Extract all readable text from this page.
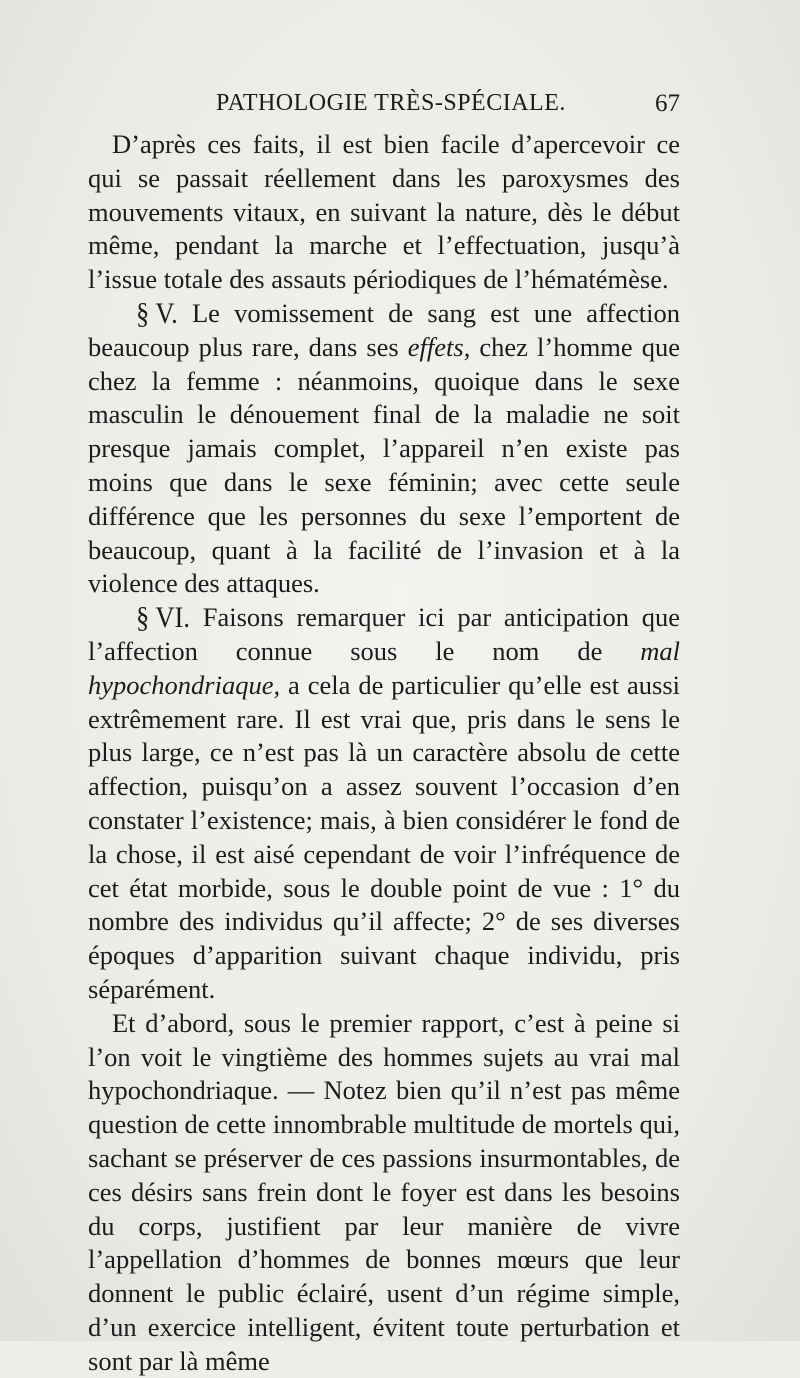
PATHOLOGIE TRÈS-SPÉCIALE.	67

D’après ces faits, il est bien facile d’apercevoir ce qui se passait réellement dans les paroxysmes des mouvements vitaux, en suivant la nature, dès le début même, pendant la marche et l’effectuation, jusqu’à l’issue totale des assauts périodiques de l’hématémèse.

§ V. Le vomissement de sang est une affection beaucoup plus rare, dans ses effets, chez l’homme que chez la femme : néanmoins, quoique dans le sexe masculin le dénouement final de la maladie ne soit presque jamais complet, l’appareil n’en existe pas moins que dans le sexe féminin; avec cette seule différence que les personnes du sexe l’emportent de beaucoup, quant à la facilité de l’invasion et à la violence des attaques.

§ VI. Faisons remarquer ici par anticipation que l’affection connue sous le nom de mal hypochondriaque, a cela de particulier qu’elle est aussi extrêmement rare. Il est vrai que, pris dans le sens le plus large, ce n’est pas là un caractère absolu de cette affection, puisqu’on a assez souvent l’occasion d’en constater l’existence; mais, à bien considérer le fond de la chose, il est aisé cependant de voir l’infréquence de cet état morbide, sous le double point de vue : 1° du nombre des individus qu’il affecte; 2° de ses diverses époques d’apparition suivant chaque individu, pris séparément.

Et d’abord, sous le premier rapport, c’est à peine si l’on voit le vingtième des hommes sujets au vrai mal hypochondriaque. — Notez bien qu’il n’est pas même question de cette innombrable multitude de mortels qui, sachant se préserver de ces passions insurmontables, de ces désirs sans frein dont le foyer est dans les besoins du corps, justifient par leur manière de vivre l’appellation d’hommes de bonnes mœurs que leur donnent le public éclairé, usent d’un régime simple, d’un exercice intelligent, évitent toute perturbation et sont par là même
